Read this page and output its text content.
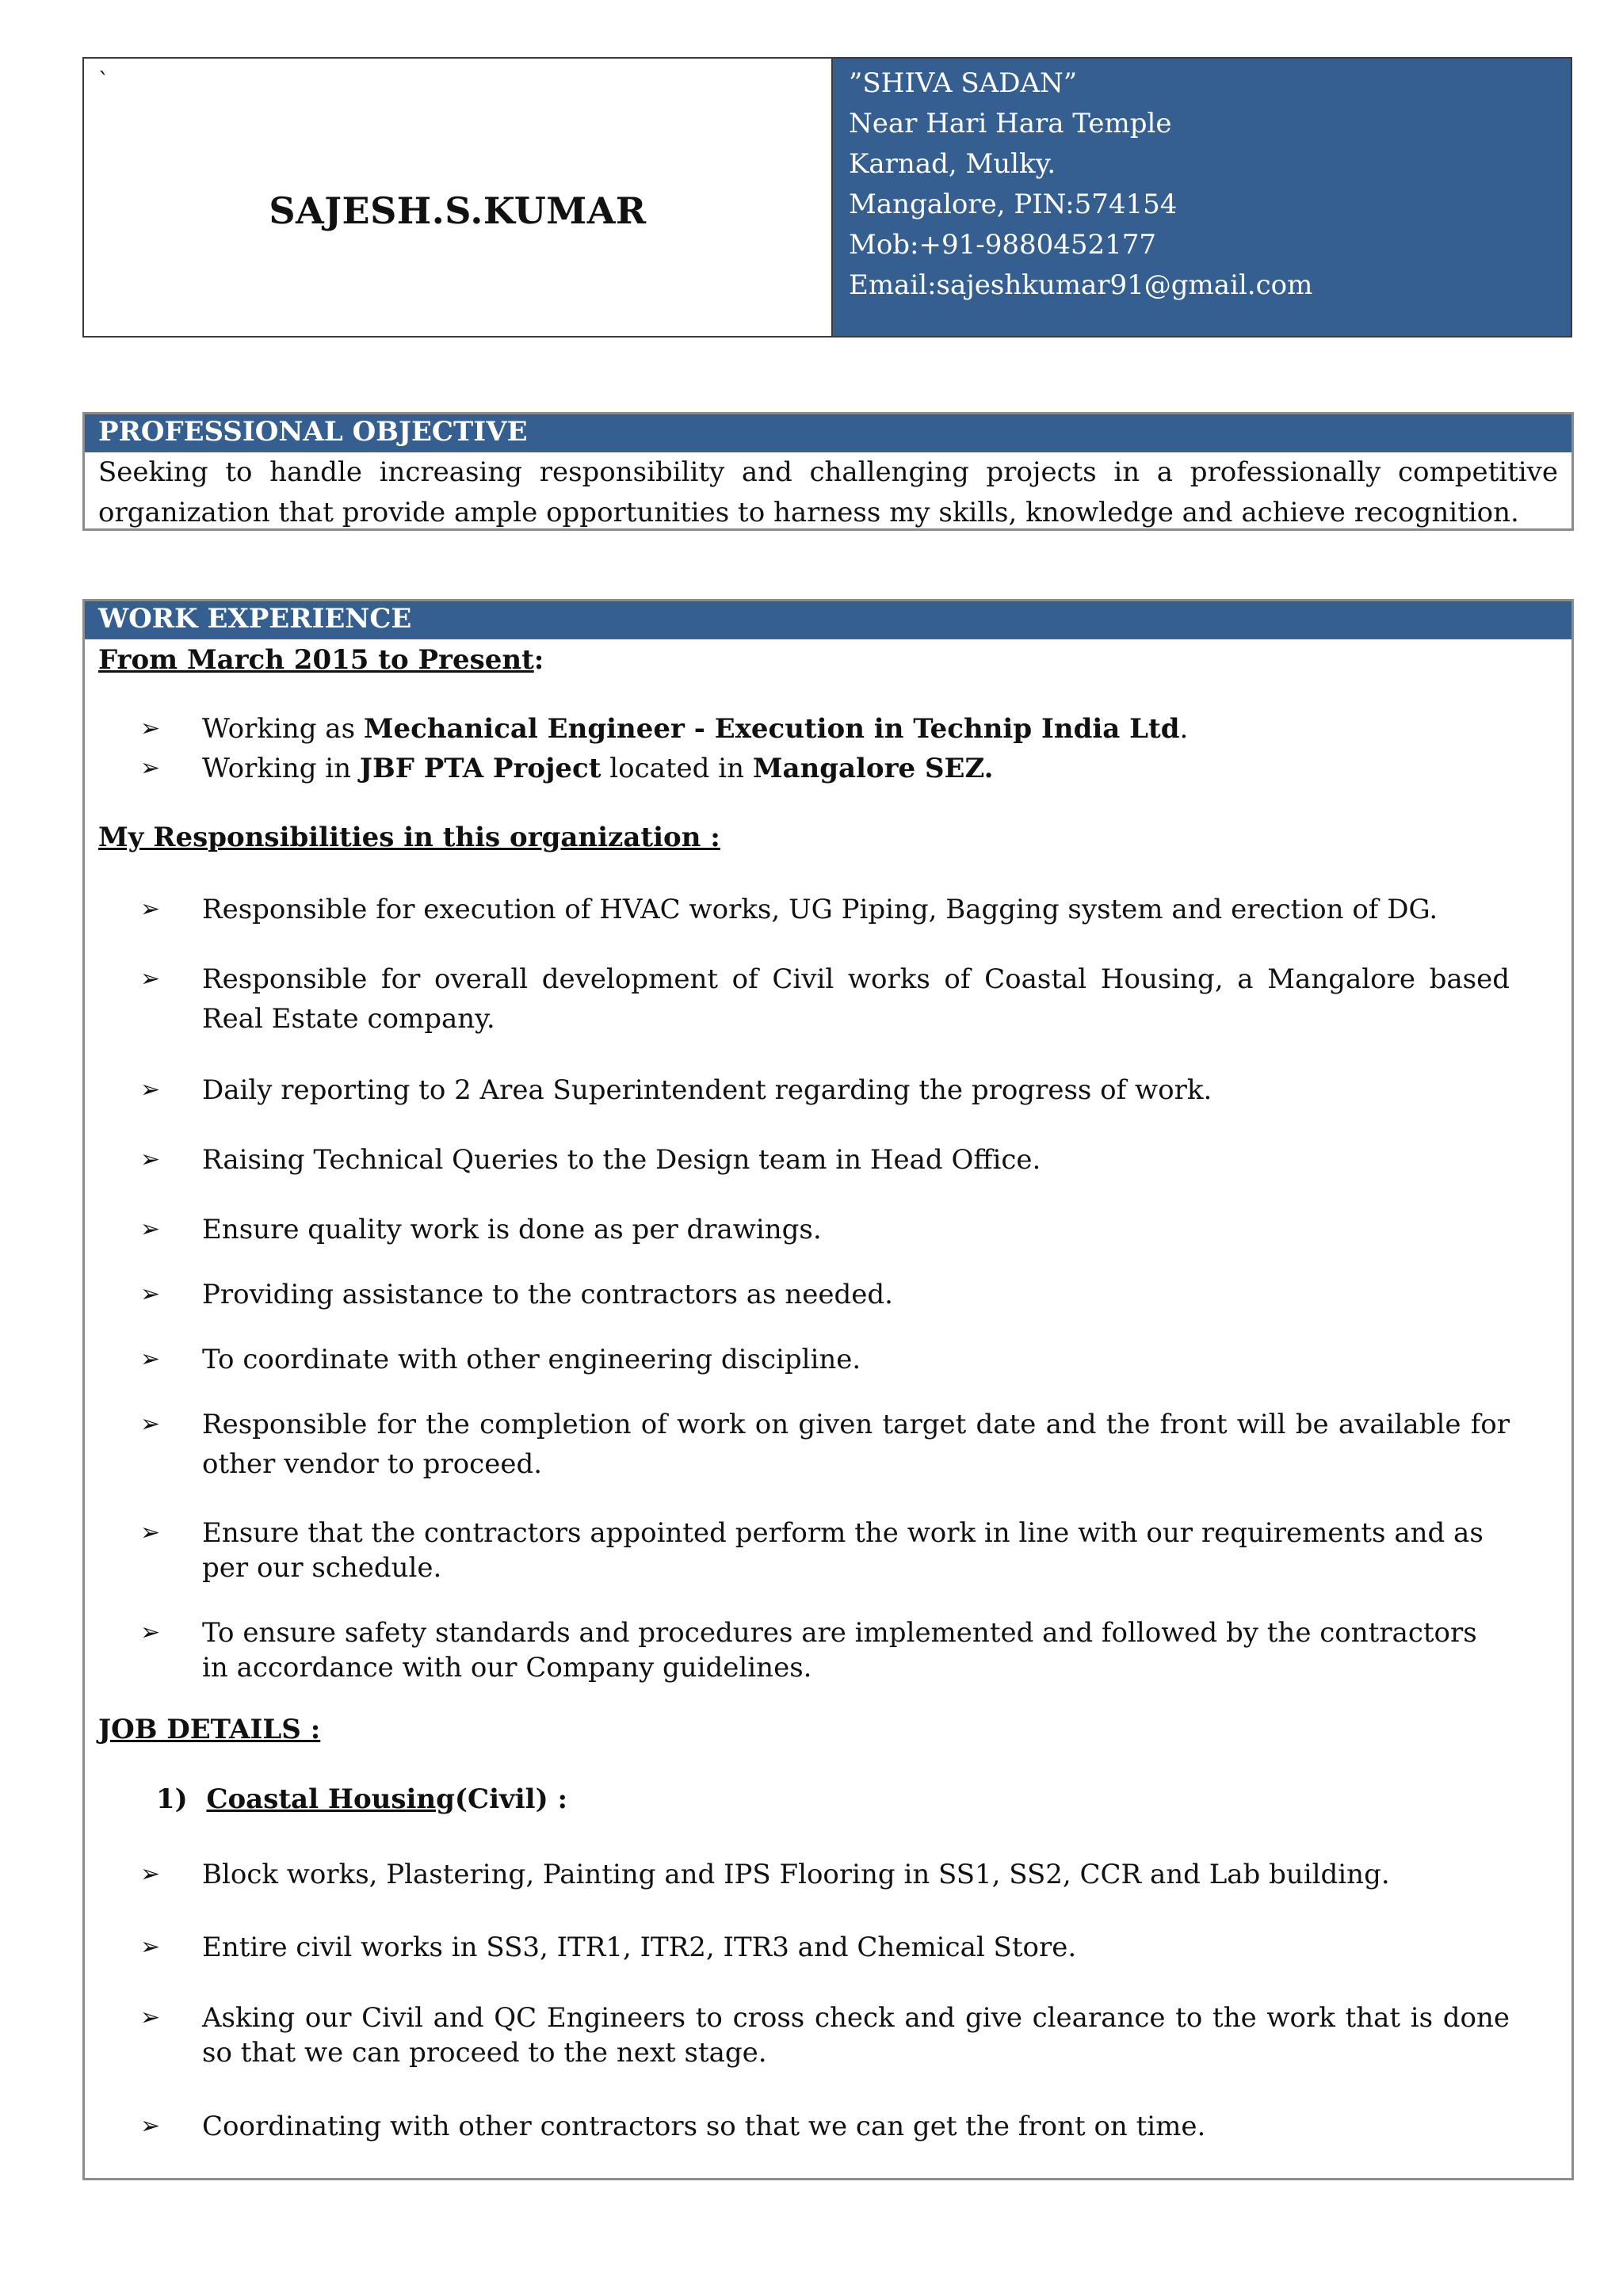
`
SAJESH.S.KUMAR
”SHIVA SADAN”
Near Hari Hara Temple
Karnad, Mulky.
Mangalore, PIN:574154
Mob:+91-9880452177
Email:sajeshkumar91@gmail.com
PROFESSIONAL OBJECTIVE
Seeking to handle increasing responsibility and challenging projects in a professionally competitive organization that provide ample opportunities to harness my skills, knowledge and achieve recognition.
WORK EXPERIENCE
From March 2015 to Present:
➢ Working as Mechanical Engineer - Execution in Technip India Ltd.
➢ Working in JBF PTA Project located in Mangalore SEZ.
My Responsibilities in this organization :
➢ Responsible for execution of HVAC works, UG Piping, Bagging system and erection of DG.
➢ Responsible for overall development of Civil works of Coastal Housing, a Mangalore based Real Estate company.
➢ Daily reporting to 2 Area Superintendent regarding the progress of work.
➢ Raising Technical Queries to the Design team in Head Office.
➢ Ensure quality work is done as per drawings.
➢ Providing assistance to the contractors as needed.
➢ To coordinate with other engineering discipline.
➢ Responsible for the completion of work on given target date and the front will be available for other vendor to proceed.
➢ Ensure that the contractors appointed perform the work in line with our requirements and as per our schedule.
➢ To ensure safety standards and procedures are implemented and followed by the contractors in accordance with our Company guidelines.
JOB DETAILS :
1) Coastal Housing(Civil) :
➢ Block works, Plastering, Painting and IPS Flooring in SS1, SS2, CCR and Lab building.
➢ Entire civil works in SS3, ITR1, ITR2, ITR3 and Chemical Store.
➢ Asking our Civil and QC Engineers to cross check and give clearance to the work that is done so that we can proceed to the next stage.
➢ Coordinating with other contractors so that we can get the front on time.
